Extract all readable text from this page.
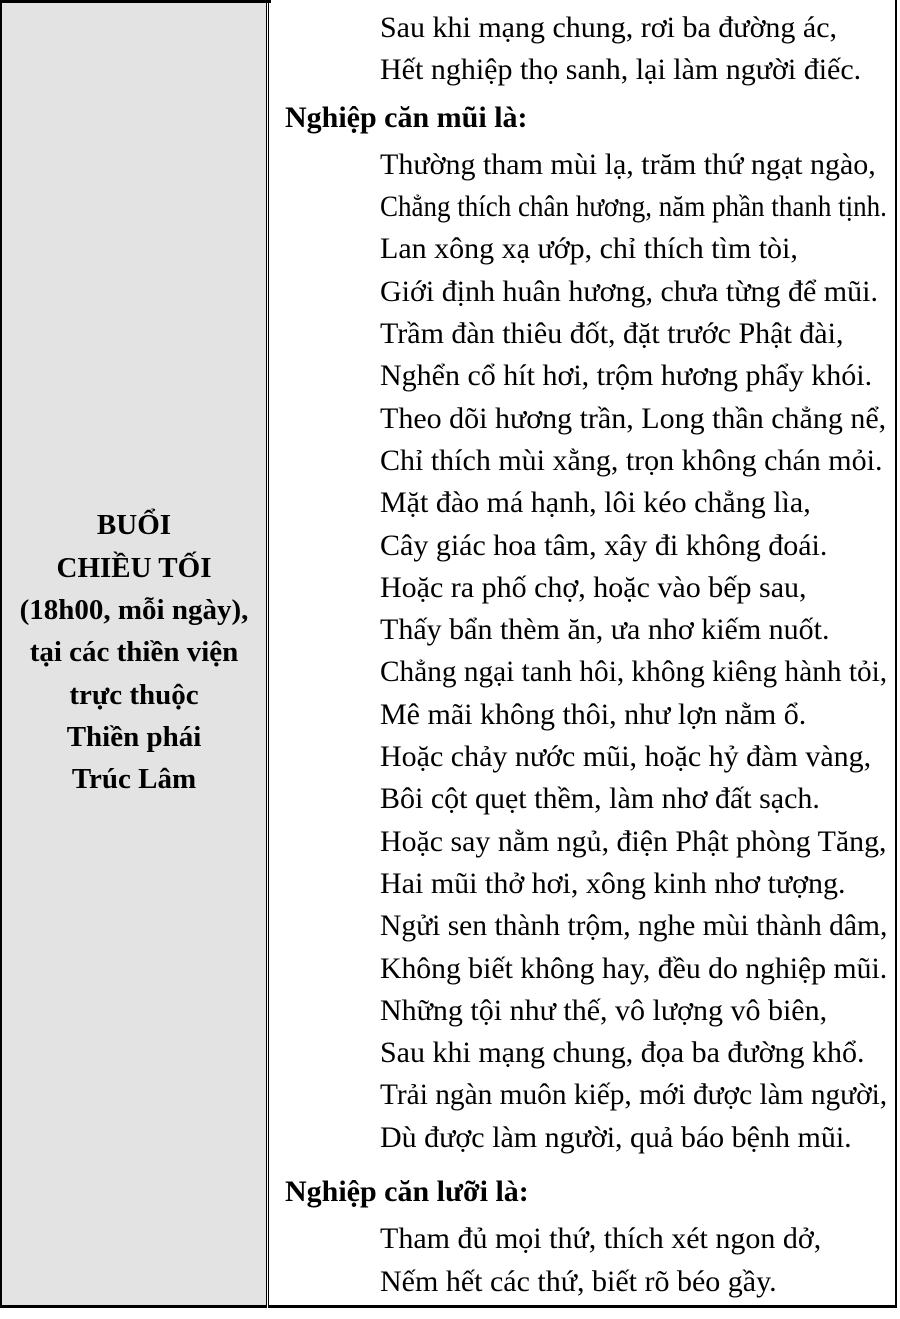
BUỔI
CHIỀU TỐI
(18h00, mỗi ngày),
tại các thiền viện
trực thuộc
Thiền phái
Trúc Lâm
Sau khi mạng chung, rơi ba đường ác,
Hết nghiệp thọ sanh, lại làm người điếc.
Nghiệp căn mũi là:
Thường tham mùi lạ, trăm thứ ngạt ngào,
Chẳng thích chân hương, năm phần thanh tịnh.
Lan xông xạ ướp, chỉ thích tìm tòi,
Giới định huân hương, chưa từng để mũi.
Trầm đàn thiêu đốt, đặt trước Phật đài,
Nghển cổ hít hơi, trộm hương phẩy khói.
Theo dõi hương trần, Long thần chẳng nể,
Chỉ thích mùi xằng, trọn không chán mỏi.
Mặt đào má hạnh, lôi kéo chẳng lìa,
Cây giác hoa tâm, xây đi không đoái.
Hoặc ra phố chợ, hoặc vào bếp sau,
Thấy bẩn thèm ăn, ưa nhơ kiếm nuốt.
Chẳng ngại tanh hôi, không kiêng hành tỏi,
Mê mãi không thôi, như lợn nằm ổ.
Hoặc chảy nước mũi, hoặc hỷ đàm vàng,
Bôi cột quẹt thềm, làm nhơ đất sạch.
Hoặc say nằm ngủ, điện Phật phòng Tăng,
Hai mũi thở hơi, xông kinh nhơ tượng.
Ngửi sen thành trộm, nghe mùi thành dâm,
Không biết không hay, đều do nghiệp mũi.
Những tội như thế, vô lượng vô biên,
Sau khi mạng chung, đọa ba đường khổ.
Trải ngàn muôn kiếp, mới được làm người,
Dù được làm người, quả báo bệnh mũi.
Nghiệp căn lưỡi là:
Tham đủ mọi thứ, thích xét ngon dở,
Nếm hết các thứ, biết rõ béo gầy.
